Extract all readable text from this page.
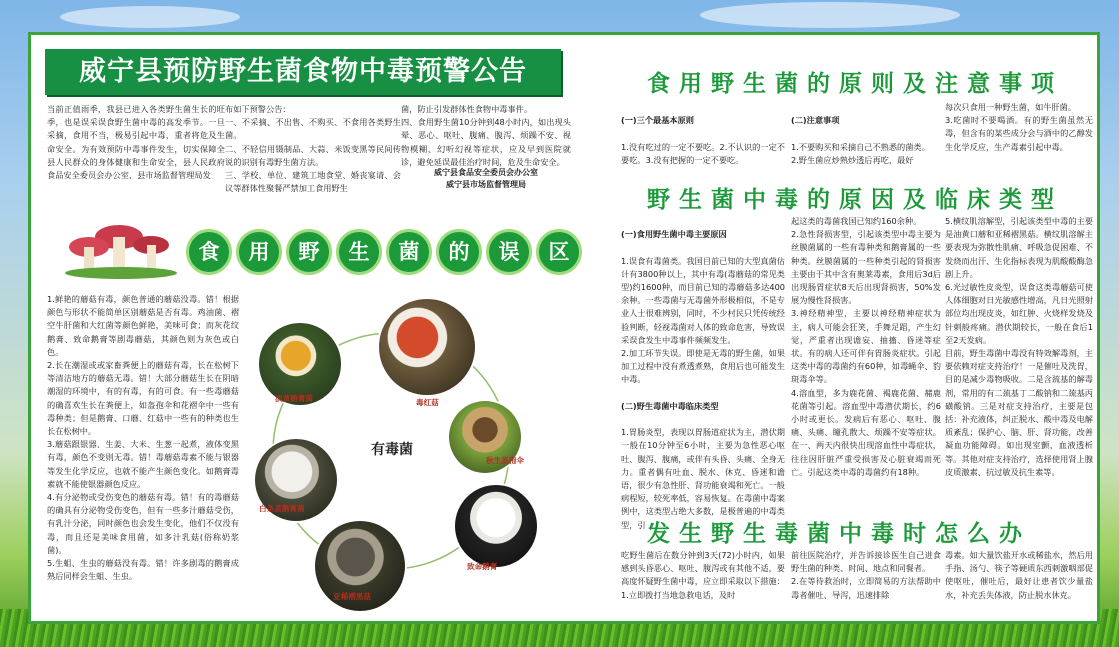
威宁县预防野生菌食物中毒预警公告
当前正值雨季，我县已进入各类野生菌生长的旺季，也是误采误食野生菌中毒的高发季节。一旦采摘，食用不当，极易引起中毒，重者将危及生命安全。为有效预防中毒事件发生，切实保障全县人民群众的身体健康和生命安全，县人民政府食品安全委员会办公室、县市场监督管理局发
布如下预警公告：
一、不采摘、不出售、不购买、不食用各类野生菌。
二、不轻信用镊制品、大蒜、米饭变黑等民间传说的识别有毒野生菌方法。
三、学校、单位、建筑工地食堂、婚丧宴请、会议等群体性聚餐严禁加工食用野生
菌，防止引发群体性食物中毒事件。
四、食用野生菌10分钟到48小时内，如出现头晕、恶心、呕吐、腹痛、腹泻、烦躁不安、视物模糊、幻听幻视等症状，应及早到医院就诊，避免延误最佳治疗时间，危及生命安全。
威宁县食品安全委员会办公室
威宁县市场监督管理局
食	用	野	生	菌	的	误	区
1.鲜艳的蘑菇有毒，颜色普通的蘑菇没毒。错！根据颜色与形状不能简单区别蘑菇是否有毒。鸡油菌、褶空牛肝菌和大红菌等颜色鲜艳，美味可食；而灰花纹鹅膏、致命鹅膏等剧毒蘑菇，其颜色则为灰色或白色。
2.长在潮湿或或家畜粪便上的蘑菇有毒，长在松树下等清洁地方的蘑菇无毒。错！大部分蘑菇生长在阴暗潮湿的环境中，有的有毒，有的可食。有一些毒蘑菇的确喜欢生长在粪便上，如盔孢伞和花褶伞中一些有毒种类；但是鹅膏、口蘑、红菇中一些有的种类也生长在松树中。
3.蘑菇跟银器、生姜、大米、生葱一起煮，液体变黑有毒，颜色不变则无毒。错！毒蘑菇毒素不能与银器等发生化学反应，也就不能产生颜色变化。如鹅膏毒素就不能使银器颜色反应。
4.有分泌物或受伤变色的蘑菇有毒。错！有的毒蘑菇的确具有分泌物受伤变色，但有一些多汁蘑菇受伤，有乳汁分泌，同时颜色也会发生变化，他们不仅没有毒，而且还是美味食用菌，如多汁乳菇(俗称奶浆菌)。
5.生蛆、生虫的蘑菇没有毒。错！许多剧毒的鹅膏成熟后同样会生蛆、生虫。
有毒菌
毒红菇
秋生盔孢伞
淡黄鹅膏菌
白条盖鹅膏菌
致命鹅膏
亚稀褶黑菇
食用野生菌的原则及注意事项

(一)三个最基本原则

1.没有吃过的一定不要吃。2.不认识的一定不要吃。3.没有把握的一定不要吃。

(二)注意事项

1.不要购买和采摘自己不熟悉的菌类。
2.野生菌应炒熟炒透后再吃，最好

每次只食用一种野生菌，如牛肝菌。
3.吃菌时不要喝酒。有的野生菌虽然无毒，但含有的某些成分会与酒中的乙醇发生化学反应，生产毒素引起中毒。
野生菌中毒的原因及临床类型

(一)食用野生菌中毒主要原因

1.误食有毒菌类。我国目前已知的大型真菌估计有3800种以上，其中有毒(毒蘑菇的常见类型)约1600种，而目前已知的毒蘑菇多达400余种。一些毒菌与无毒菌外形极相似，不是专业人士很难辨别，同时，不少村民只凭传统经验判断，轻视毒菌对人体的致命危害，导致误采误食发生中毒事件频频发生。
2.加工环节失误。即使是无毒的野生菌，如果加工过程中没有煮透煮熟，食用后也可能发生中毒。

(二)野生毒菌中毒临床类型

1.胃肠炎型，表现以胃肠道症状为主，潜伏期一般在10分钟至6小时，主要为急性恶心呕吐、腹泻、腹痛，或伴有头昏、头痛、全身无力。重者偶有吐血、脱水、休克、昏迷和谵语，很少有急性肝、肾功能衰竭和死亡。一般病程短，较死率低，容易恢复。在毒菌中毒案例中，这类型占绝大多数，是极普遍的中毒类型，引

起这类的毒菌我国已知约160余种。
2.急性肾损害型，引起该类型中毒主要为丝膜菌属的一些有毒种类和鹅膏属的一些种类。丝膜菌属的一些种类引起的肾损害主要由于其中含有奥莱毒素，食用后3d后出现肠胃症状8天后出现肾损害，50%发展为慢性肾损害。
3.神经精神型，主要以神经精神症状为主，病人可能会狂笑，手舞足蹈，产生幻觉，严重者出现谵妄、抽搐、昏迷等症状。有的病人还可伴有胃肠炎症状。引起这类中毒的毒菌约有60种，如毒蝇伞、豹斑毒伞等。
4.溶血型，多为鹿花菌、褐鹿花菌、赭鹿花菌等引起。溶血型中毒潜伏期长，约6小时或更长。发病后有恶心、呕吐、腹痛、头痛、瞳孔散大、烦躁不安等症状。在一、两天内很快出现溶血性中毒症状，往往因肝脏严重受损害及心脏衰竭而死亡。引起这类中毒的毒菌约有18种。
5.横纹肌溶解型，引起该类型中毒的主要是油黄口蘑和亚稀褶黑菇。横纹肌溶解主要表现为弥散性肌痛、呼吸急促困难、不发烧而出汗、生化指标表现为肌酸酸酶急剧上升。
6.光过敏性皮炎型，误食这类毒蘑菇可使人体细胞对日光敏感性增高，凡日光照射部位均出现皮炎，如红肿、火烧样发烧及针刺般疼痛。潜伏期较长，一般在食后1至2天发病。
目前，野生毒菌中毒没有特效解毒剂，主要依赖对症支持治疗！一是催吐及洗胃，目的是减少毒物吸收。二是含巯基的解毒剂，常用的有二巯基丁二酸钠和二巯基丙磺酸钠。三是对症支持治疗，主要是包括：补充液体，纠正脱水、酸中毒及电解质紊乱；保护心、脑、肝、肾功能，改善凝血功能障碍。如出现室颤，血液透析等。其他对症支持治疗，选择使用肾上腺皮质激素、抗过敏及抗生素等。
发生野生毒菌中毒时怎么办
吃野生菌后在数分钟到3天(72)小时内，如果感到头昏恶心、呕吐、腹泻或有其他不适，要高度怀疑野生菌中毒，应立即采取以下措施：
1.立即拨打当地急救电话，及时
前往医院治疗，并告诉接诊医生自己进食野生菌的种类、时间、地点和同餐者。
2.在等待救治时，立即简易的方法帮助中毒者催吐、导泻，迅速排除
毒素。如大量饮盐开水或稀盐水，然后用手指、汤勺、筷子等硬质东西刺激咽部促使呕吐，催吐后，最好让患者饮少量盐水，补充丢失体液，防止脱水休克。
